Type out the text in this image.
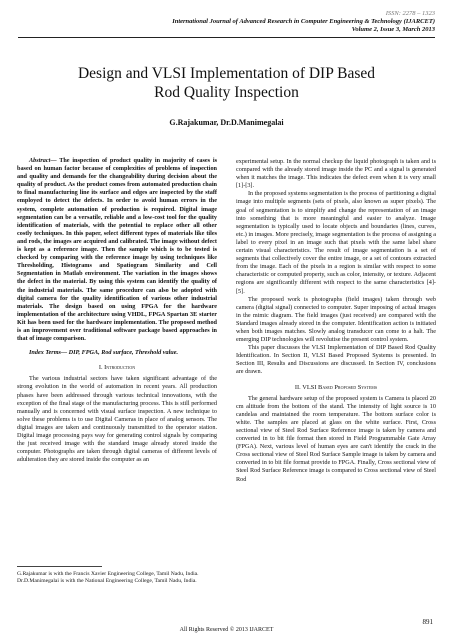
ISSN: 2278 – 1323
International Journal of Advanced Research in Computer Engineering & Technology (IJARCET)
Volume 2, Issue 3, March 2013
Design and VLSI Implementation of DIP Based
Rod Quality Inspection
G.Rajakumar, Dr.D.Manimegalai

Abstract— The inspection of product quality in majority of cases is based on human factor because of complexities of problems of inspection and quality and demands for the changeability during decision about the quality of product. As the product comes from automated production chain to final manufacturing line its surface and edges are inspected by the staff employed to detect the defects. In order to avoid human errors in the system, complete automation of production is required. Digital image segmentation can be a versatile, reliable and a low-cost tool for the quality identification of materials, with the potential to replace other all other costly techniques. In this paper, select different types of materials like tiles and rods, the images are acquired and calibrated. The image without defect is kept as a reference image. Then the sample which is to be tested is checked by comparing with the reference image by using techniques like Thresholding, Histograms and Spatiogram Similarity and Cell Segmentation in Matlab environment. The variation in the images shows the defect in the material. By using this system can identify the quality of the industrial materials. The same procedure can also be adopted with digital camera for the quality identification of various other industrial materials. The design based on using FPGA for the hardware implementation of the architecture using VHDL, FPGA Spartan 3E starter Kit has been used for the hardware implementation. The proposed method is an improvement over traditional software package based approaches in that of image comparison.

Index Terms— DIP, FPGA, Rod surface, Threshold value.

I. Introduction

The various industrial sectors have taken significant advantage of the strong evolution in the world of automation in recent years. All production phases have been addressed through various technical innovations, with the exception of the final stage of the manufacturing process. This is still performed manually and is concerned with visual surface inspection. A new technique to solve these problems is to use Digital Cameras in place of analog sensors. The digital images are taken and continuously transmitted to the operator station. Digital image processing pays way for generating control signals by comparing the just received image with the standard image already stored inside the computer. Photographs are taken through digital cameras of different levels of adulteration they are stored inside the computer as an

G.Rajakumar is with the Francis Xavier Engineering College, Tamil Nadu, India.
Dr.D.Manimegalai is with the National Engineering College, Tamil Nadu, India.

experimental setup. In the normal checkup the liquid photograph is taken and is compared with the already stored image inside the PC and a signal is generated when it matches the image. This indicates the defect even when it is very small [1]-[3].

In the proposed systems segmentation is the process of partitioning a digital image into multiple segments (sets of pixels, also known as super pixels). The goal of segmentation is to simplify and change the representation of an image into something that is more meaningful and easier to analyze. Image segmentation is typically used to locate objects and boundaries (lines, curves, etc.) in images. More precisely, image segmentation is the process of assigning a label to every pixel in an image such that pixels with the same label share certain visual characteristics. The result of image segmentation is a set of segments that collectively cover the entire image, or a set of contours extracted from the image. Each of the pixels in a region is similar with respect to some characteristic or computed property, such as color, intensity, or texture. Adjacent regions are significantly different with respect to the same characteristics [4]-[5].

The proposed work is photographs (field images) taken through web camera (digital signal) connected to computer. Super imposing of actual images in the mimic diagram. The field images (just received) are compared with the Standard images already stored in the computer. Identification action is initiated when both images matches. Slowly analog transducer can come to a halt. The emerging DIP technologies will revolutise the present control system.

This paper discusses the VLSI Implementation of DIP Based Rod Quality Identification. In Section II, VLSI Based Proposed Systems is presented. In Section III, Results and Discussions are discussed. In Section IV, conclusions are drawn.

II. VLSI Based Proposed Systems

The general hardware setup of the proposed system is Camera is placed 20 cm altitude from the bottom of the stand. The intensity of light source is 10 candelas and maintained the room temperature. The bottom surface color is white. The samples are placed at glass on the white surface. First, Cross sectional view of Steel Rod Surface Reference image is taken by camera and converted in to bit file format then stored in Field Programmable Gate Array (FPGA). Next, various level of human eyes are can't identify the crack in the Cross sectional view of Steel Rod Surface Sample image is taken by camera and converted in to bit file format provide to FPGA. Finally, Cross sectional view of Steel Rod Surface Reference image is compared to Cross sectional view of Steel Rod

891
All Rights Reserved © 2013 IJARCET
